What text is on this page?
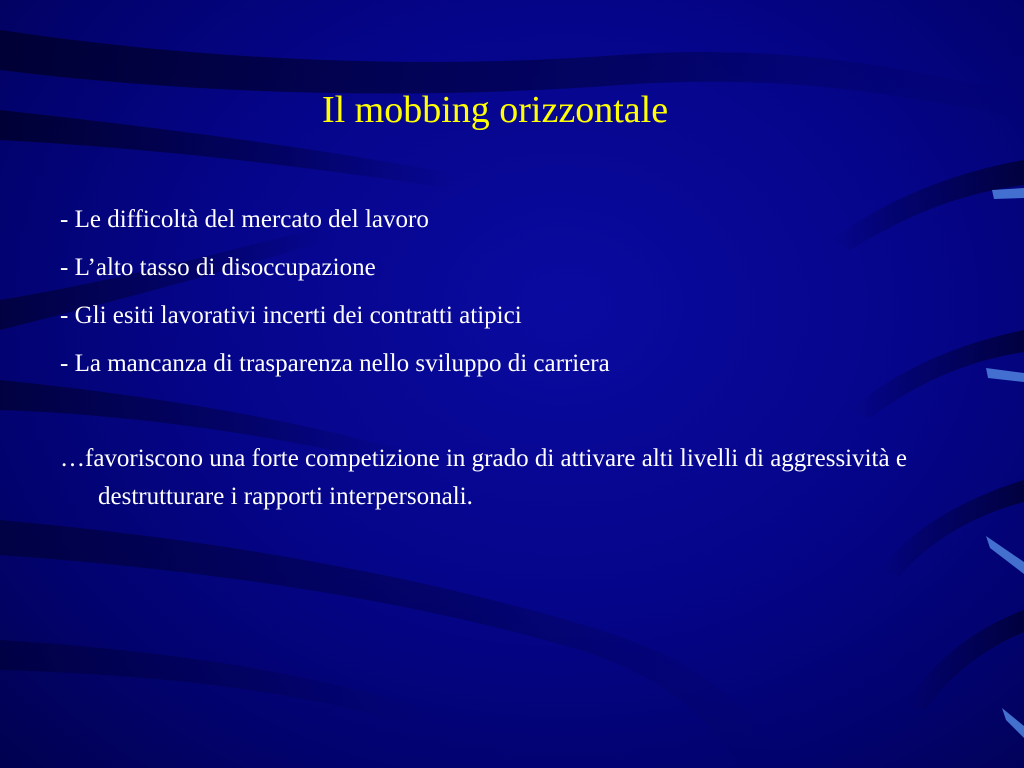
Il mobbing orizzontale
- Le difficoltà del mercato del lavoro
- L’alto tasso di disoccupazione
- Gli esiti lavorativi incerti dei contratti atipici
- La mancanza di trasparenza nello sviluppo di carriera

…favoriscono una forte competizione in grado di attivare alti livelli di aggressività e destrutturare i rapporti interpersonali.
